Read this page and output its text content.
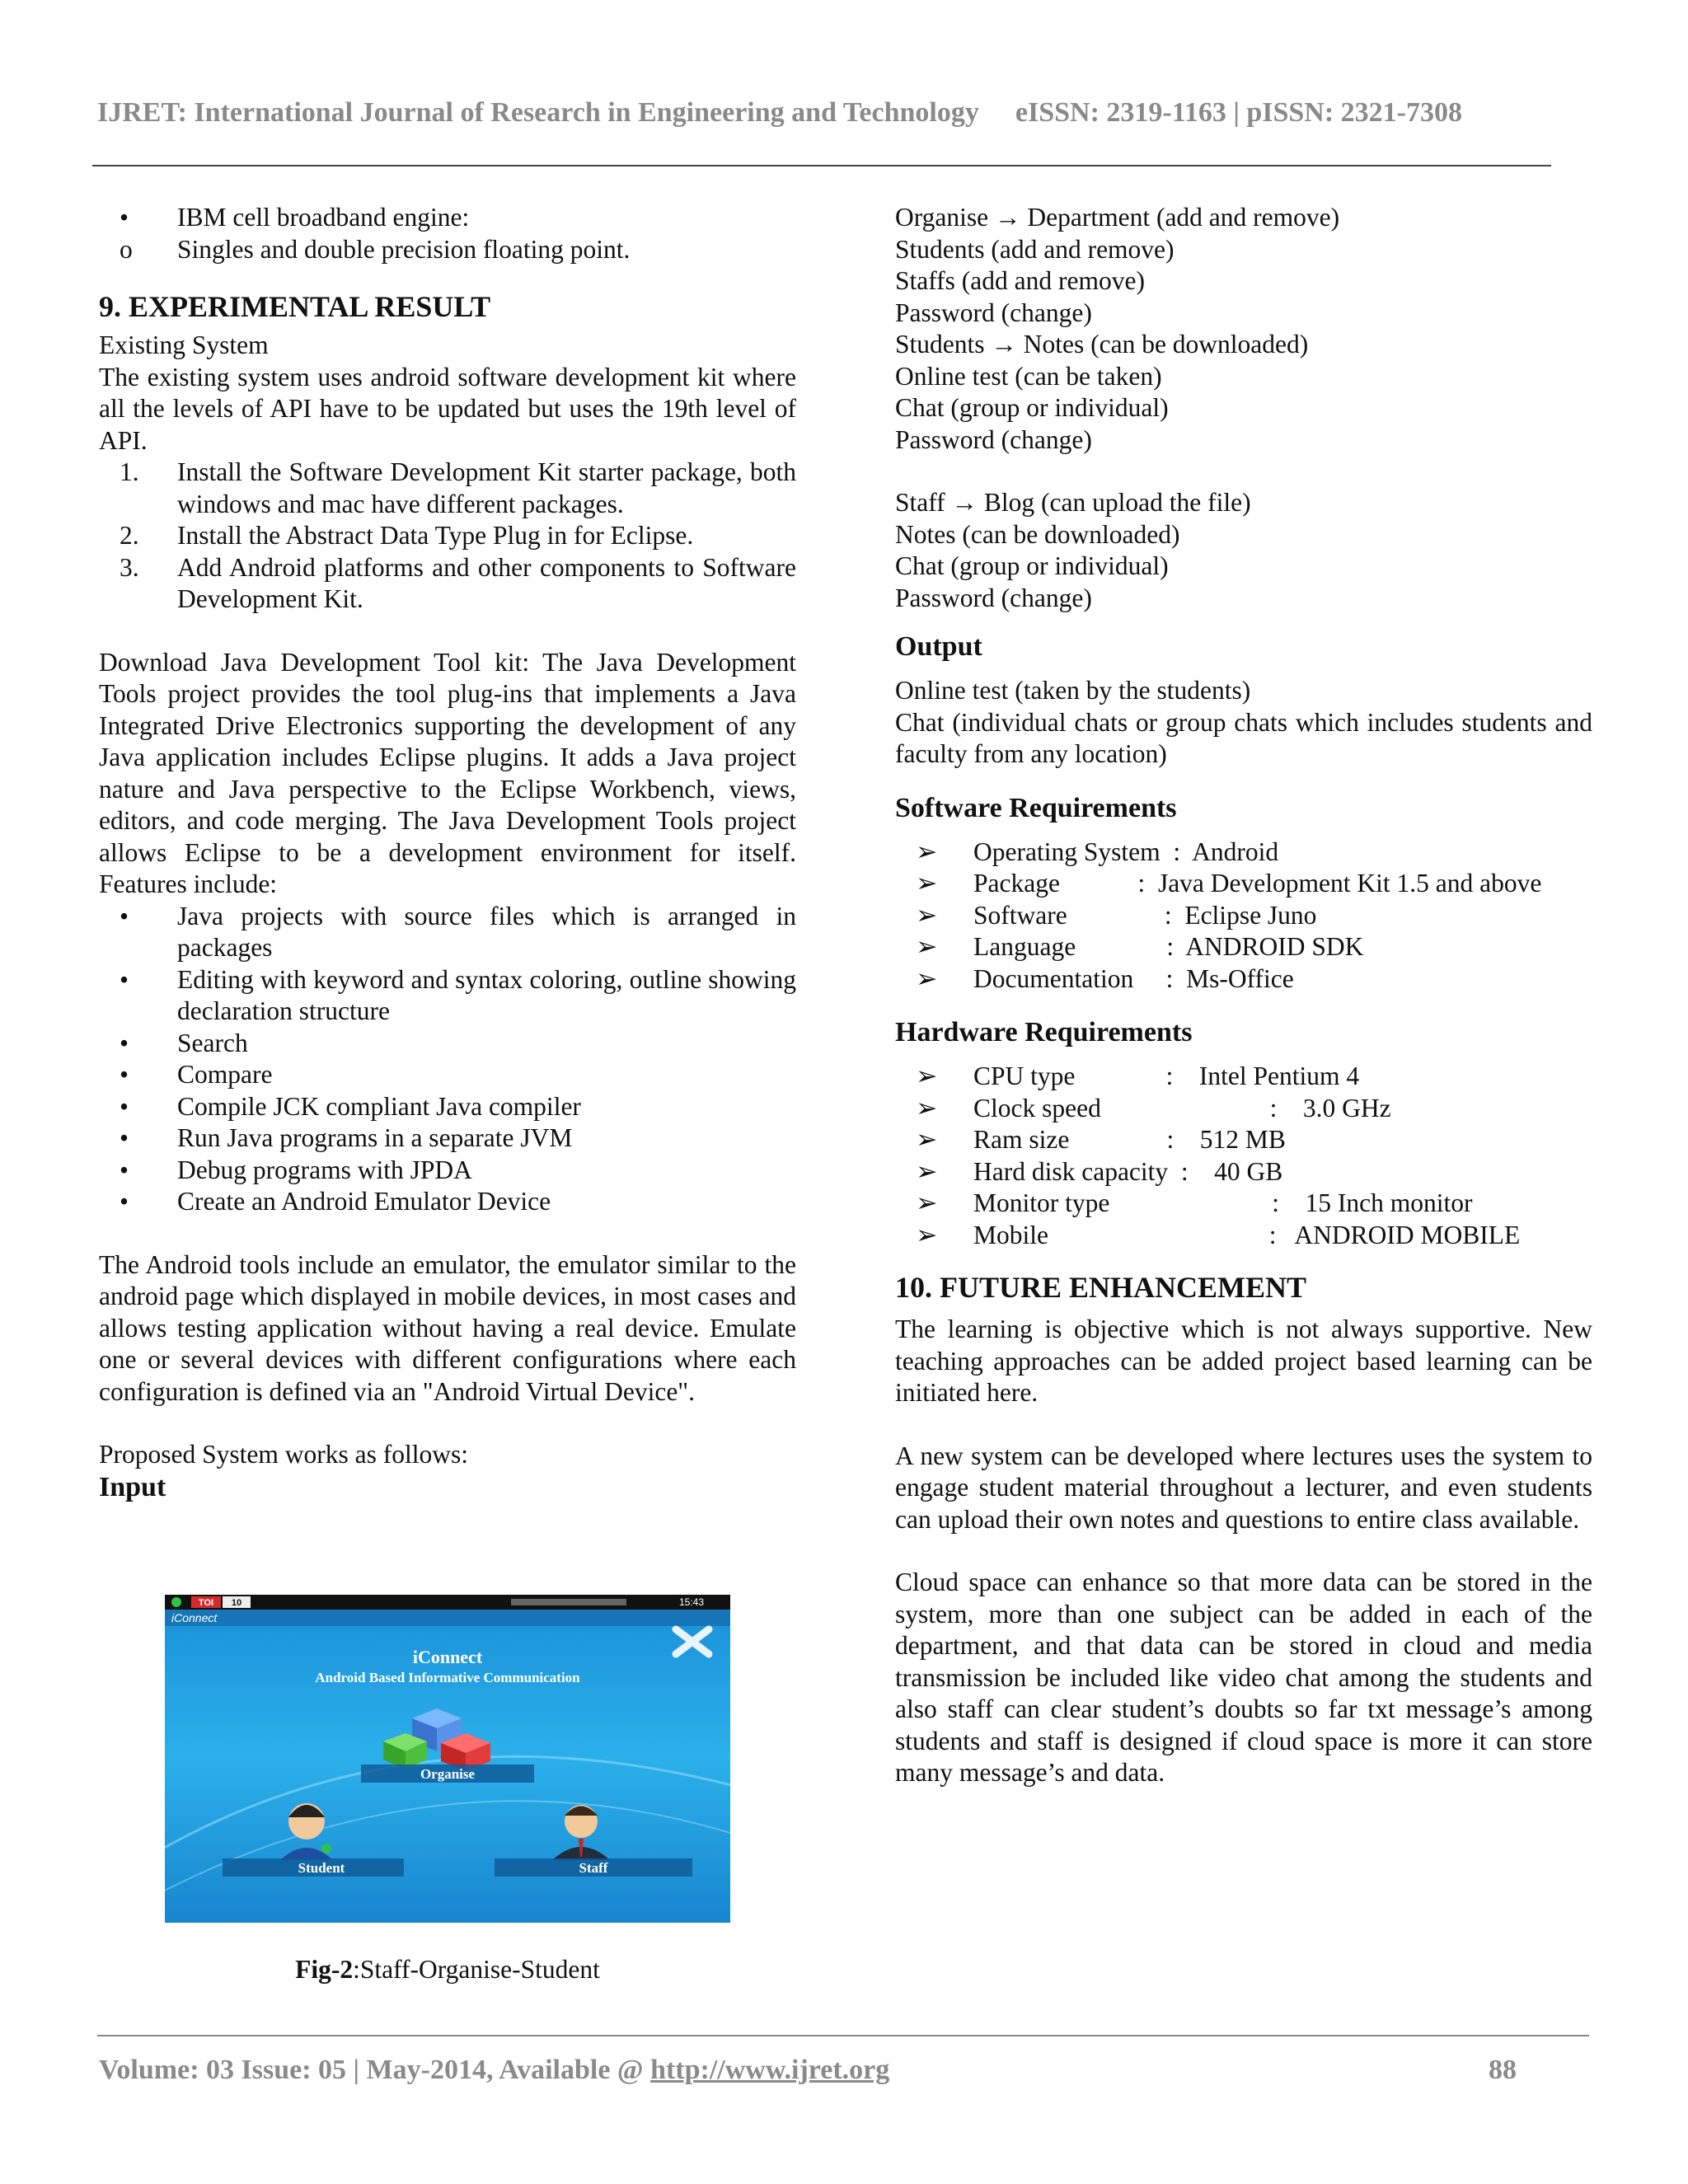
IJRET: International Journal of Research in Engineering and Technology eISSN: 2319-1163 | pISSN: 2321-7308
•	IBM cell broadband engine:
o	Singles and double precision floating point.
9. EXPERIMENTAL RESULT

Existing System

The existing system uses android software development kit where all the levels of API have to be updated but uses the 19th level of API.

1.	Install the Software Development Kit starter package, both windows and mac have different packages.
2.	Install the Abstract Data Type Plug in for Eclipse.
3.	Add Android platforms and other components to Software Development Kit.

Download Java Development Tool kit: The Java Development Tools project provides the tool plug-ins that implements a Java Integrated Drive Electronics supporting the development of any Java application includes Eclipse plugins. It adds a Java project nature and Java perspective to the Eclipse Workbench, views, editors, and code merging. The Java Development Tools project allows Eclipse to be a development environment for itself. Features include:

•	Java projects with source files which is arranged in packages
•	Editing with keyword and syntax coloring, outline showing declaration structure
•	Search
•	Compare
•	Compile JCK compliant Java compiler
•	Run Java programs in a separate JVM
•	Debug programs with JPDA
•	Create an Android Emulator Device

The Android tools include an emulator, the emulator similar to the android page which displayed in mobile devices, in most cases and allows testing application without having a real device. Emulate one or several devices with different configurations where each configuration is defined via an "Android Virtual Device".

Proposed System works as follows:

Input
TOI 10	15:43
iConnect
iConnect
Android Based Informative Communication
Organise
Student	Staff
Fig-2:Staff-Organise-Student

Organise → Department (add and remove)

Students (add and remove)

Staffs (add and remove)

Password (change)

Students → Notes (can be downloaded)

Online test (can be taken)

Chat (group or individual)

Password (change)

Staff → Blog (can upload the file)

Notes (can be downloaded)

Chat (group or individual)

Password (change)

Output

Online test (taken by the students)

Chat (individual chats or group chats which includes students and faculty from any location)

Software Requirements
➢	Operating System  :  Android
➢	Package            :  Java Development Kit 1.5 and above
➢	Software               :  Eclipse Juno
➢	Language              :  ANDROID SDK
➢	Documentation     :  Ms-Office
Hardware Requirements
➢	CPU type              :    Intel Pentium 4
➢	Clock speed                          :    3.0 GHz
➢	Ram size               :    512 MB
➢	Hard disk capacity  :    40 GB
➢	Monitor type                         :    15 Inch monitor
➢	Mobile                                  :   ANDROID MOBILE
10. FUTURE ENHANCEMENT

The learning is objective which is not always supportive. New teaching approaches can be added project based learning can be initiated here.

A new system can be developed where lectures uses the system to engage student material throughout a lecturer, and even students can upload their own notes and questions to entire class available.

Cloud space can enhance so that more data can be stored in the system, more than one subject can be added in each of the department, and that data can be stored in cloud and media transmission be included like video chat among the students and also staff can clear student’s doubts so far txt message’s among students and staff is designed if cloud space is more it can store many message’s and data.

Volume: 03 Issue: 05 | May-2014, Available @ http://www.ijret.org	88
